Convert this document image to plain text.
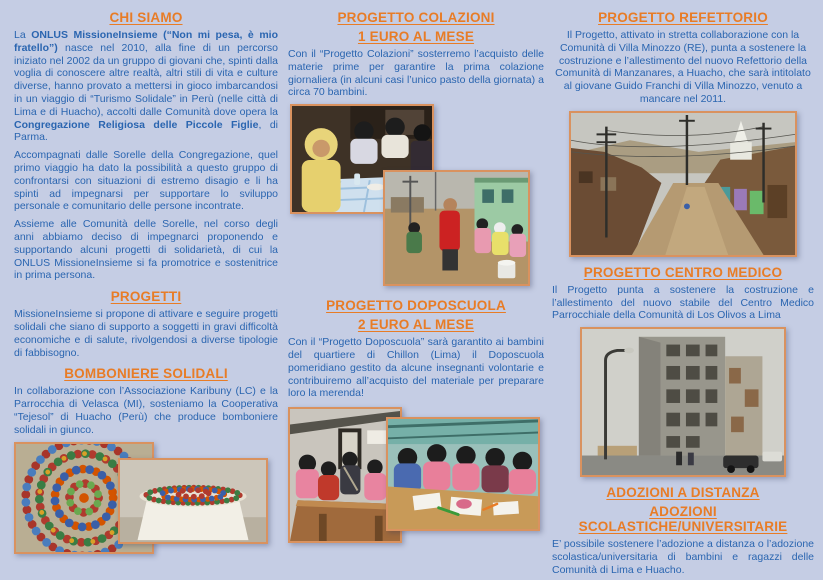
CHI SIAMO

La ONLUS MissioneInsieme (“Non mi pesa, è mio fratello”) nasce nel 2010, alla fine di un percorso iniziato nel 2002 da un gruppo di giovani che, spinti dalla voglia di conoscere altre realtà, altri stili di vita e culture diverse, hanno provato a mettersi in gioco imbarcandosi in un viaggio di “Turismo Solidale” in Perù (nelle città di Lima e di Huacho), accolti dalle Comunità dove opera la Congregazione Religiosa delle Piccole Figlie, di Parma.

Accompagnati dalle Sorelle della Congregazione, quel primo viaggio ha dato la possibilità a questo gruppo di confrontarsi con situazioni di estremo disagio e li ha spinti ad impegnarsi per supportare lo sviluppo personale e comunitario delle persone incontrate.

Assieme alle Comunità delle Sorelle, nel corso degli anni abbiamo deciso di impegnarci proponendo e supportando alcuni progetti di solidarietà, di cui la ONLUS MissioneInsieme si fa promotrice e sostenitrice in prima persona.

PROGETTI

MissioneInsieme si propone di attivare e seguire progetti solidali che siano di supporto a soggetti in gravi difficoltà economiche e di salute, rivolgendosi a diverse tipologie di fabbisogno.

BOMBONIERE SOLIDALI

In collaborazione con l’Associazione Karibuny (LC) e la Parrocchia di Velasca (MI), sosteniamo la Cooperativa “Tejesol” di Huacho (Perù) che produce bomboniere solidali in giunco.

PROGETTO COLAZIONI
1 EURO AL MESE

Con il “Progetto Colazioni” sosterremo l’acquisto delle materie prime per garantire la prima colazione giornaliera (in alcuni casi l’unico pasto della giornata) a circa 70 bambini.

PROGETTO DOPOSCUOLA
2 EURO AL MESE

Con il “Progetto Doposcuola” sarà garantito ai bambini del quartiere di Chillon (Lima) il Doposcuola pomeridiano gestito da alcune insegnanti volontarie e contribuiremo all’acquisto del materiale per preparare loro la merenda!

PROGETTO REFETTORIO

Il Progetto, attivato in stretta collaborazione con la Comunità di Villa Minozzo (RE), punta a sostenere la costruzione e l’allestimento del nuovo Refettorio della Comunità di Manzanares, a Huacho, che sarà intitolato al giovane Guido Franchi di Villa Minozzo, venuto a mancare nel 2011.

PROGETTO CENTRO MEDICO

Il Progetto punta a sostenere la costruzione e l’allestimento del nuovo stabile del Centro Medico Parrocchiale della Comunità di Los Olivos a Lima

ADOZIONI A DISTANZA
ADOZIONI SCOLASTICHE/UNIVERSITARIE

E’ possibile sostenere l’adozione a distanza o l’adozione scolastica/universitaria di bambini e ragazzi delle Comunità di Lima e Huacho.
